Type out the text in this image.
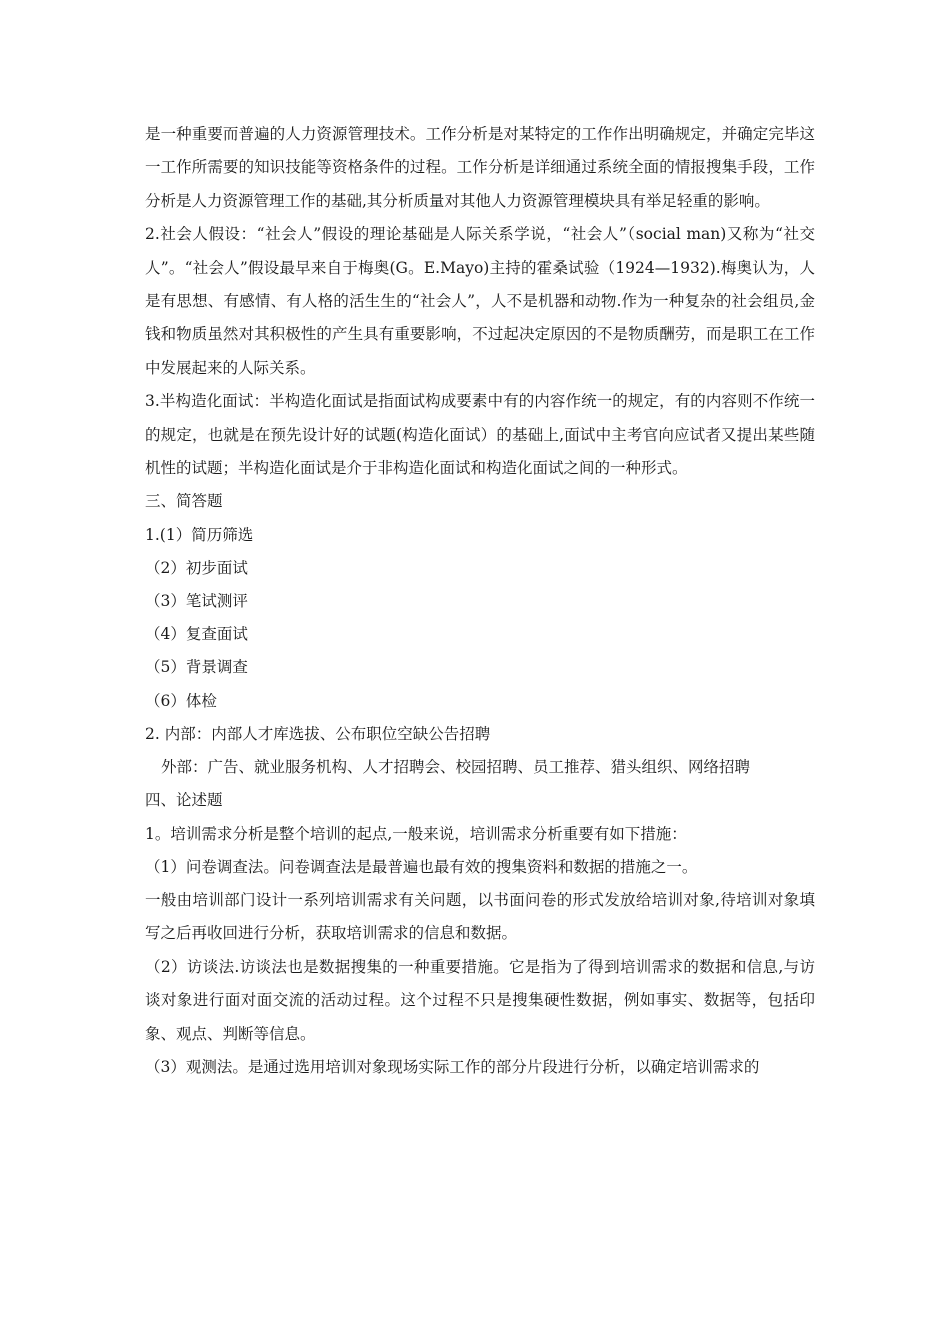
是一种重要而普遍的人力资源管理技术。工作分析是对某特定的工作作出明确规定，并确定完毕这一工作所需要的知识技能等资格条件的过程。工作分析是详细通过系统全面的情报搜集手段，工作分析是人力资源管理工作的基础,其分析质量对其他人力资源管理模块具有举足轻重的影响。

2.社会人假设：“社会人”假设的理论基础是人际关系学说，“社会人”（social man)又称为“社交人”。“社会人”假设最早来自于梅奥(G。E.Mayo)主持的霍桑试验（1924—1932).梅奥认为，人是有思想、有感情、有人格的活生生的“社会人”，人不是机器和动物.作为一种复杂的社会组员,金钱和物质虽然对其积极性的产生具有重要影响，不过起决定原因的不是物质酬劳，而是职工在工作中发展起来的人际关系。

3.半构造化面试：半构造化面试是指面试构成要素中有的内容作统一的规定，有的内容则不作统一的规定，也就是在预先设计好的试题(构造化面试）的基础上,面试中主考官向应试者又提出某些随机性的试题；半构造化面试是介于非构造化面试和构造化面试之间的一种形式。

三、简答题

1.(1）简历筛选

（2）初步面试

（3）笔试测评

（4）复查面试

（5）背景调查

（6）体检

2. 内部：内部人才库选拔、公布职位空缺公告招聘

外部：广告、就业服务机构、人才招聘会、校园招聘、员工推荐、猎头组织、网络招聘

四、论述题

1。培训需求分析是整个培训的起点,一般来说，培训需求分析重要有如下措施：

（1）问卷调查法。问卷调查法是最普遍也最有效的搜集资料和数据的措施之一。

一般由培训部门设计一系列培训需求有关问题，以书面问卷的形式发放给培训对象,待培训对象填写之后再收回进行分析，获取培训需求的信息和数据。

（2）访谈法.访谈法也是数据搜集的一种重要措施。它是指为了得到培训需求的数据和信息,与访谈对象进行面对面交流的活动过程。这个过程不只是搜集硬性数据，例如事实、数据等，包括印象、观点、判断等信息。

（3）观测法。是通过选用培训对象现场实际工作的部分片段进行分析，以确定培训需求的
